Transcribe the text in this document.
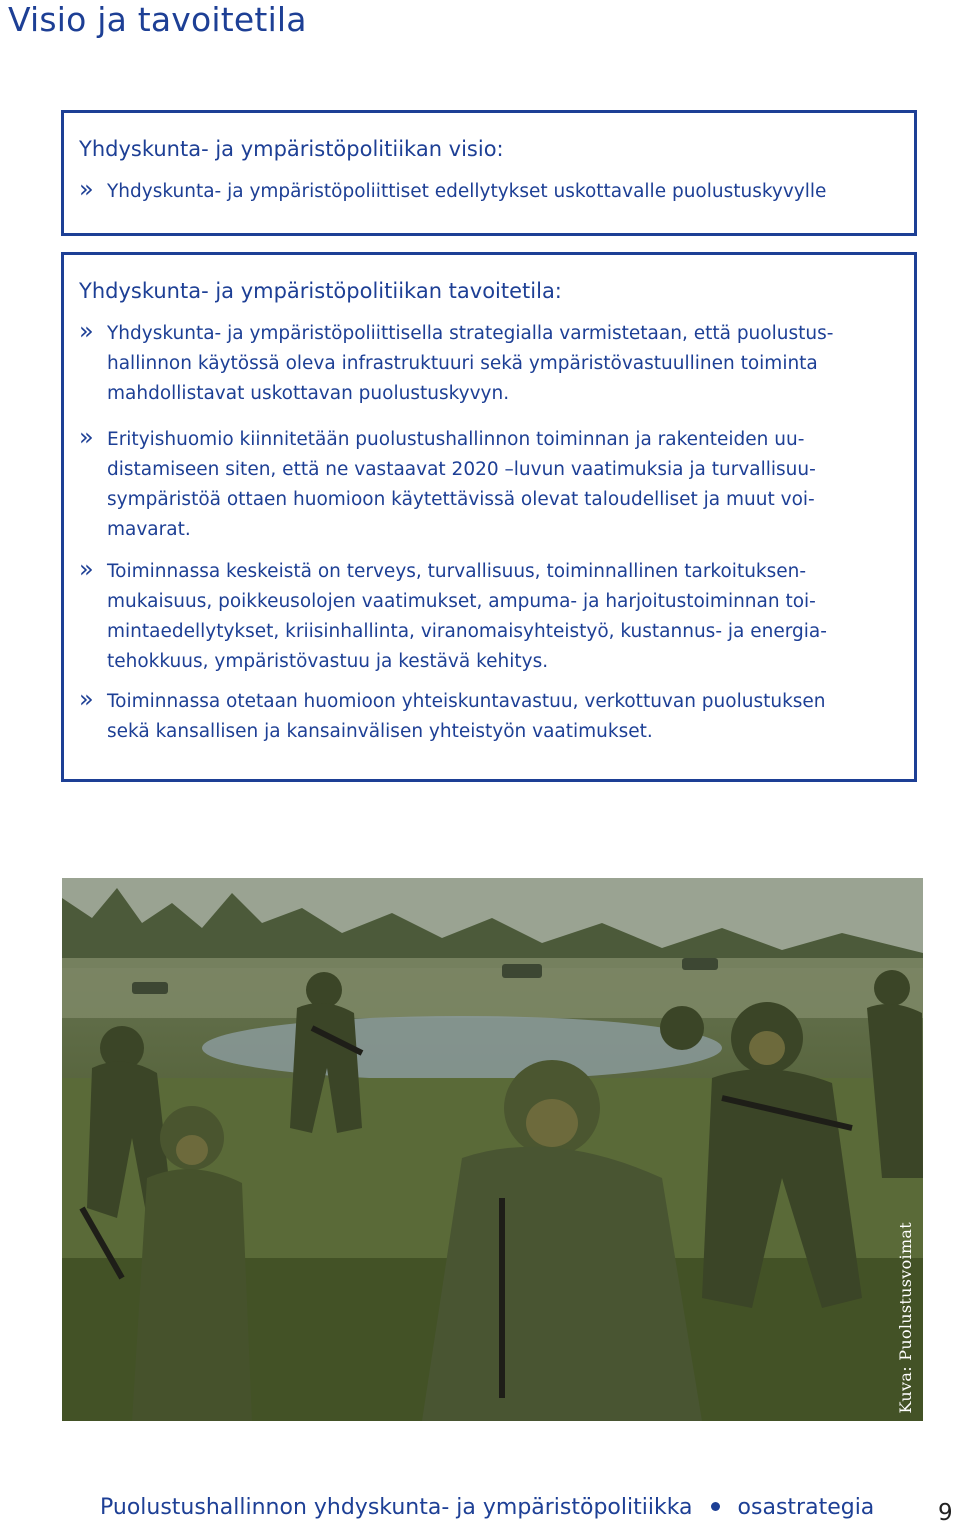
Visio ja tavoitetila
Yhdyskunta- ja ympäristöpolitiikan visio:
» Yhdyskunta- ja ympäristöpoliittiset edellytykset uskottavalle puolustuskyvylle
Yhdyskunta- ja ympäristöpolitiikan tavoitetila:
» Yhdyskunta- ja ympäristöpoliittisella strategialla varmistetaan, että puolustus-
hallinnon käytössä oleva infrastruktuuri sekä ympäristövastuullinen toiminta
mahdollistavat uskottavan puolustuskyvyn.
» Erityishuomio kiinnitetään puolustushallinnon toiminnan ja rakenteiden uu-
distamiseen siten, että ne vastaavat 2020 –luvun vaatimuksia ja turvallisuu-
sympäristöä ottaen huomioon käytettävissä olevat taloudelliset ja muut voi-
mavarat.
» Toiminnassa keskeistä on terveys, turvallisuus, toiminnallinen tarkoituksen-
mukaisuus, poikkeusolojen vaatimukset, ampuma- ja harjoitustoiminnan toi-
mintaedellytykset, kriisinhallinta, viranomaisyhteistyö, kustannus- ja energia-
tehokkuus, ympäristövastuu ja kestävä kehitys.
» Toiminnassa otetaan huomioon yhteiskuntavastuu, verkottuvan puolustuksen
sekä kansallisen ja kansainvälisen yhteistyön vaatimukset.
Kuva: Puolustusvoimat
Puolustushallinnon yhdyskunta- ja ympäristöpolitiikka osastrategia	9
